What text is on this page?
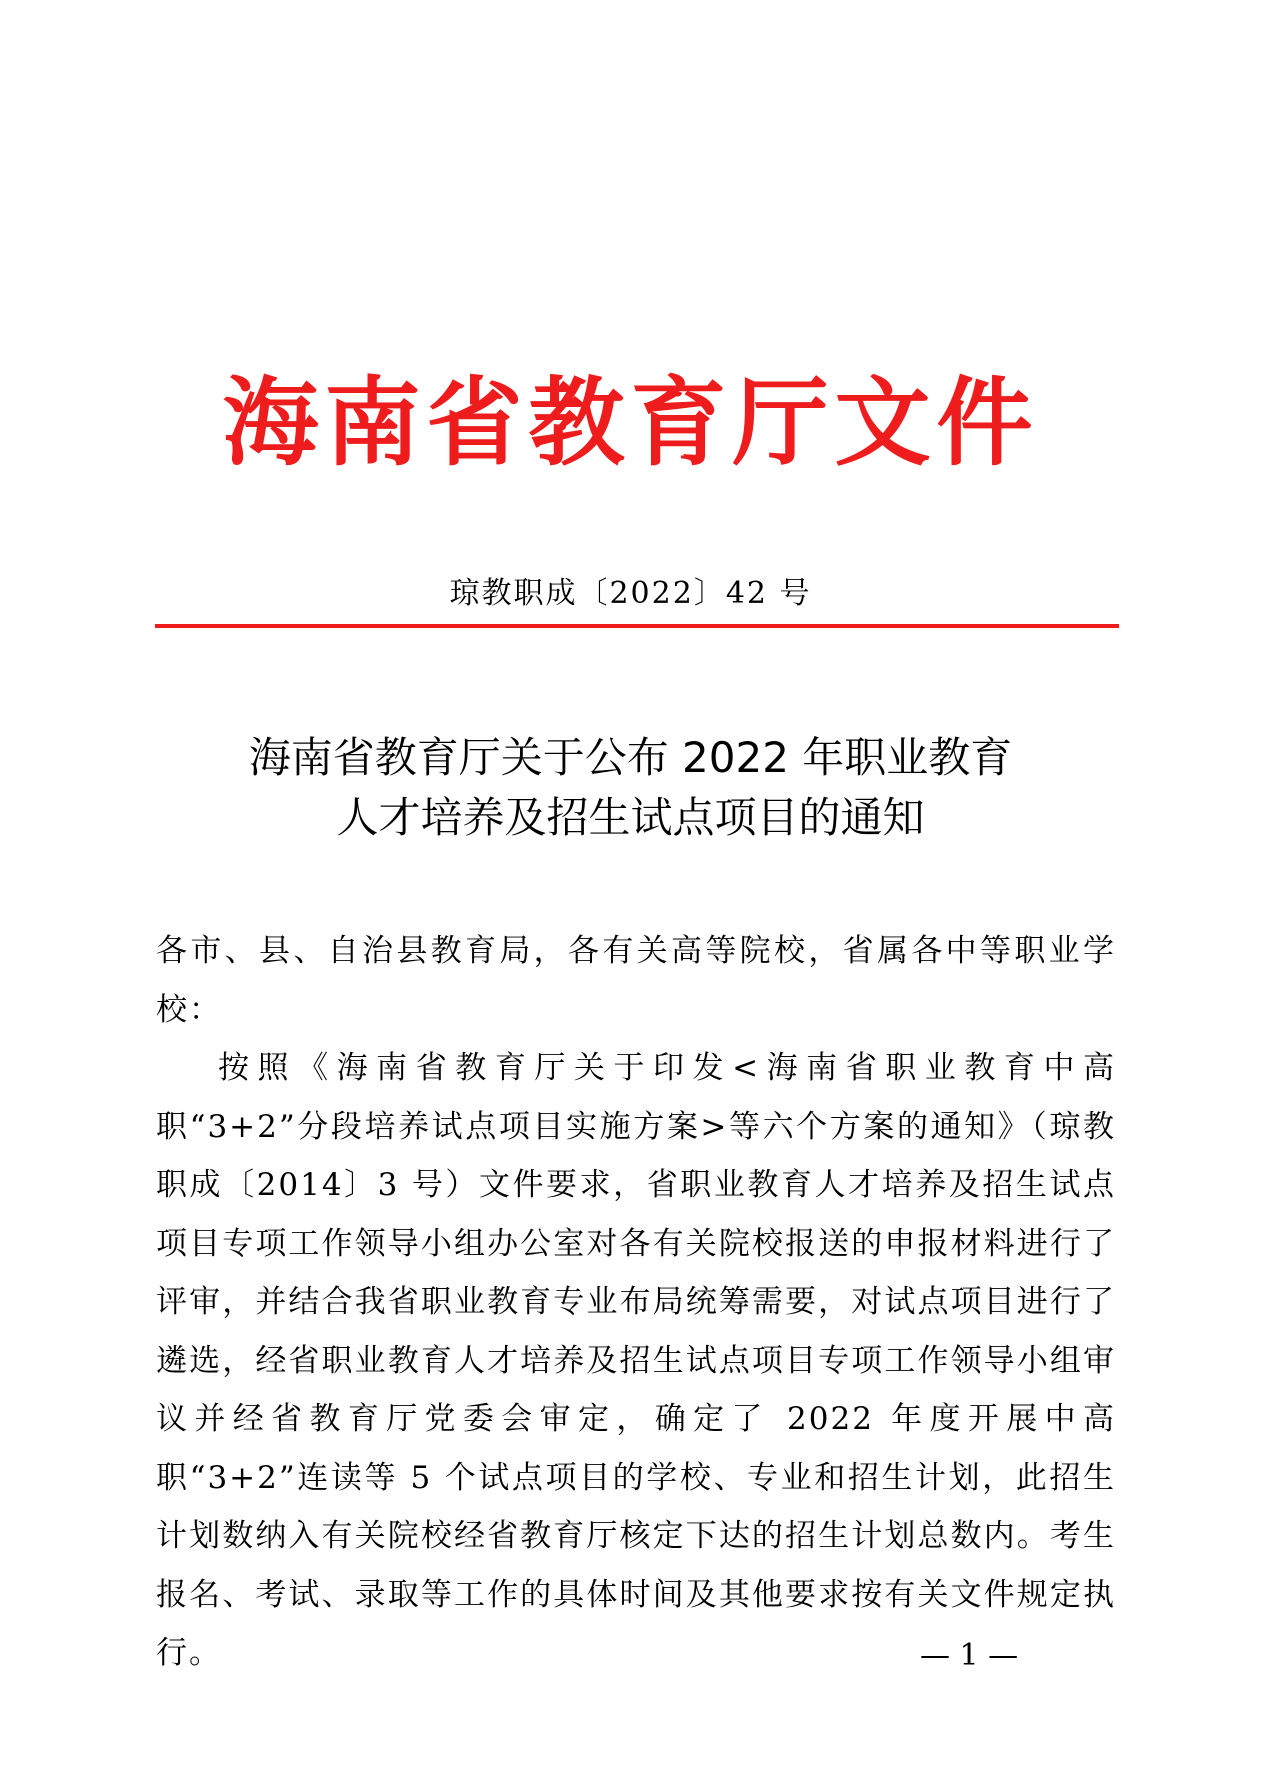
海南省教育厅文件
琼教职成〔2022〕42 号
海南省教育厅关于公布 2022 年职业教育
人才培养及招生试点项目的通知

各市、县、自治县教育局，各有关高等院校，省属各中等职业学校：

按照《海南省教育厅关于印发<海南省职业教育中高职“3+2”分段培养试点项目实施方案>等六个方案的通知》（琼教职成〔2014〕3 号）文件要求，省职业教育人才培养及招生试点项目专项工作领导小组办公室对各有关院校报送的申报材料进行了评审，并结合我省职业教育专业布局统筹需要，对试点项目进行了遴选，经省职业教育人才培养及招生试点项目专项工作领导小组审议并经省教育厅党委会审定，确定了 2022 年度开展中高职“3+2”连读等 5 个试点项目的学校、专业和招生计划，此招生计划数纳入有关院校经省教育厅核定下达的招生计划总数内。考生报名、考试、录取等工作的具体时间及其他要求按有关文件规定执行。	— 1 —
